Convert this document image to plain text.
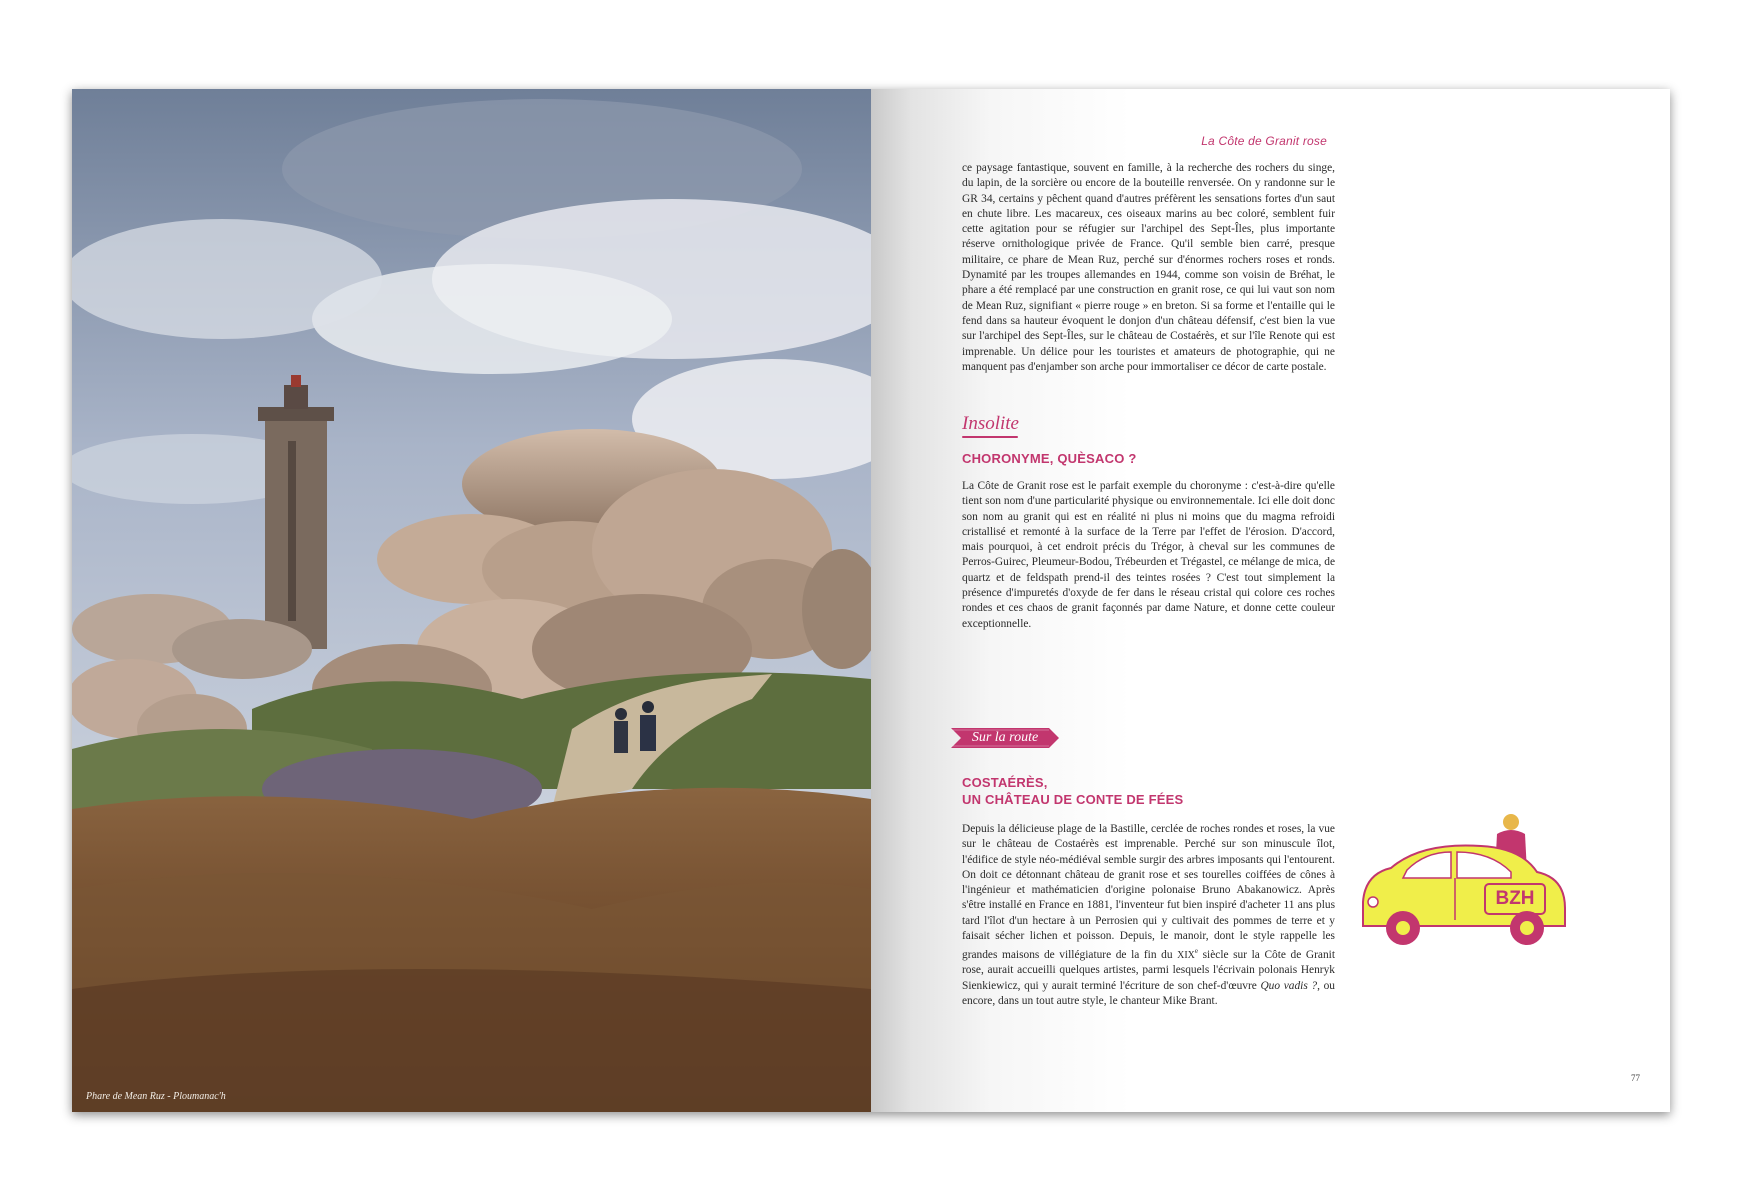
Phare de Mean Ruz - Ploumanac'h
La Côte de Granit rose

ce paysage fantastique, souvent en famille, à la recherche des rochers du singe, du lapin, de la sorcière ou encore de la bouteille renversée. On y randonne sur le GR 34, certains y pêchent quand d'autres préfèrent les sensations fortes d'un saut en chute libre. Les macareux, ces oiseaux marins au bec coloré, semblent fuir cette agitation pour se réfugier sur l'archipel des Sept-Îles, plus importante réserve ornithologique privée de France. Qu'il semble bien carré, presque militaire, ce phare de Mean Ruz, perché sur d'énormes rochers roses et ronds. Dynamité par les troupes allemandes en 1944, comme son voisin de Bréhat, le phare a été remplacé par une construction en granit rose, ce qui lui vaut son nom de Mean Ruz, signifiant « pierre rouge » en breton. Si sa forme et l'entaille qui le fend dans sa hauteur évoquent le donjon d'un château défensif, c'est bien la vue sur l'archipel des Sept-Îles, sur le château de Costaérès, et sur l'île Renote qui est imprenable. Un délice pour les touristes et amateurs de photographie, qui ne manquent pas d'enjamber son arche pour immortaliser ce décor de carte postale.

Insolite
CHORONYME, QUÈSACO ?

La Côte de Granit rose est le parfait exemple du choronyme : c'est-à-dire qu'elle tient son nom d'une particularité physique ou environnementale. Ici elle doit donc son nom au granit qui est en réalité ni plus ni moins que du magma refroidi cristallisé et remonté à la surface de la Terre par l'effet de l'érosion. D'accord, mais pourquoi, à cet endroit précis du Trégor, à cheval sur les communes de Perros-Guirec, Pleumeur-Bodou, Trébeurden et Trégastel, ce mélange de mica, de quartz et de feldspath prend-il des teintes rosées ? C'est tout simplement la présence d'impuretés d'oxyde de fer dans le réseau cristal qui colore ces roches rondes et ces chaos de granit façonnés par dame Nature, et donne cette couleur exceptionnelle.

Sur la route
COSTAÉRÈS,
UN CHÂTEAU DE CONTE DE FÉES

Depuis la délicieuse plage de la Bastille, cerclée de roches rondes et roses, la vue sur le château de Costaérès est imprenable. Perché sur son minuscule îlot, l'édifice de style néo-médiéval semble surgir des arbres imposants qui l'entourent. On doit ce détonnant château de granit rose et ses tourelles coiffées de cônes à l'ingénieur et mathématicien d'origine polonaise Bruno Abakanowicz. Après s'être installé en France en 1881, l'inventeur fut bien inspiré d'acheter 11 ans plus tard l'îlot d'un hectare à un Perrosien qui y cultivait des pommes de terre et y faisait sécher lichen et poisson. Depuis, le manoir, dont le style rappelle les grandes maisons de villégiature de la fin du XIXe siècle sur la Côte de Granit rose, aurait accueilli quelques artistes, parmi lesquels l'écrivain polonais Henryk Sienkiewicz, qui y aurait terminé l'écriture de son chef-d'œuvre Quo vadis ?, ou encore, dans un tout autre style, le chanteur Mike Brant.

BZH
77
